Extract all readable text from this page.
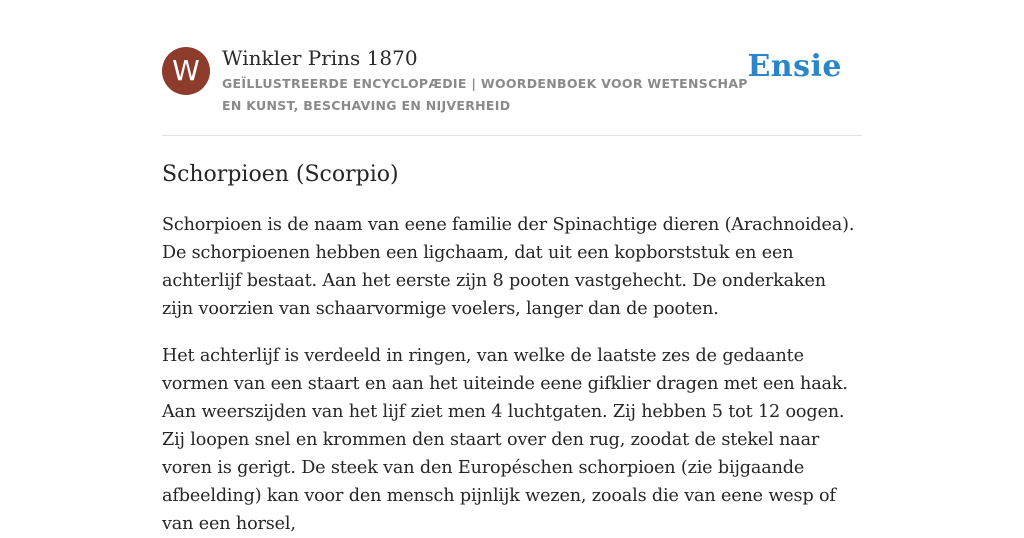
W Winkler Prins 1870
GEÏLLUSTREERDE ENCYCLOPÆDIE | WOORDENBOEK VOOR WETENSCHAP EN KUNST, BESCHAVING EN NIJVERHEID
Ensie
Schorpioen (Scorpio)

Schorpioen is de naam van eene familie der Spinachtige dieren (Arachnoidea). De schorpioenen hebben een ligchaam, dat uit een kopborststuk en een achterlijf bestaat. Aan het eerste zijn 8 pooten vastgehecht. De onderkaken zijn voorzien van schaarvormige voelers, langer dan de pooten.

Het achterlijf is verdeeld in ringen, van welke de laatste zes de gedaante vormen van een staart en aan het uiteinde eene gifklier dragen met een haak. Aan weerszijden van het lijf ziet men 4 luchtgaten. Zij hebben 5 tot 12 oogen. Zij loopen snel en krommen den staart over den rug, zoodat de stekel naar voren is gerigt. De steek van den Européschen schorpioen (zie bijgaande afbeelding) kan voor den mensch pijnlijk wezen, zooals die van eene wesp of van een horsel,
